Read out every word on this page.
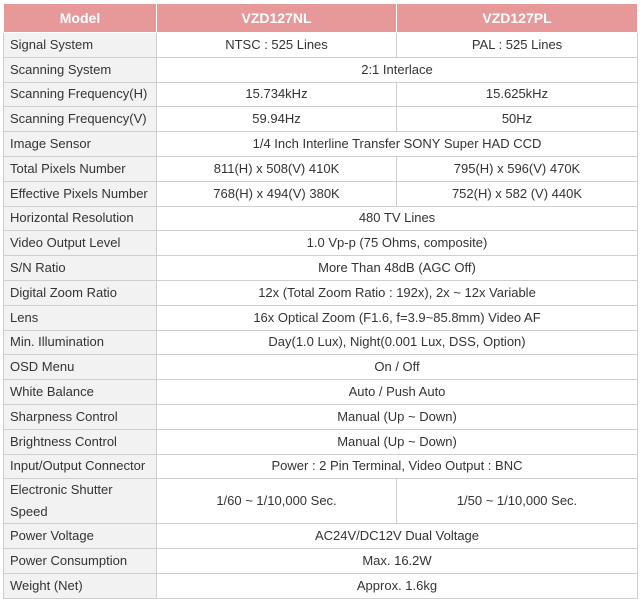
Model	VZD127NL	VZD127PL
Signal System	NTSC : 525 Lines	PAL : 525 Lines
Scanning System	2:1 Interlace	
Scanning Frequency(H)	15.734kHz	15.625kHz
Scanning Frequency(V)	59.94Hz	50Hz
Image Sensor	1/4 Inch Interline Transfer SONY Super HAD CCD	
Total Pixels Number	811(H) x 508(V) 410K	795(H) x 596(V) 470K
Effective Pixels Number	768(H) x 494(V) 380K	752(H) x 582 (V) 440K
Horizontal Resolution	480 TV Lines	
Video Output Level	1.0 Vp-p (75 Ohms, composite)	
S/N Ratio	More Than 48dB (AGC Off)	
Digital Zoom Ratio	12x (Total Zoom Ratio : 192x), 2x ~ 12x Variable	
Lens	16x Optical Zoom (F1.6, f=3.9~85.8mm) Video AF	
Min. Illumination	Day(1.0 Lux), Night(0.001 Lux, DSS, Option)	
OSD Menu	On / Off	
White Balance	Auto / Push Auto	
Sharpness Control	Manual (Up ~ Down)	
Brightness Control	Manual (Up ~ Down)	
Input/Output Connector	Power : 2 Pin Terminal, Video Output : BNC	
Electronic Shutter Speed	1/60 ~ 1/10,000 Sec.	1/50 ~ 1/10,000 Sec.
Power Voltage	AC24V/DC12V Dual Voltage	
Power Consumption	Max. 16.2W	
Weight (Net)	Approx. 1.6kg	
